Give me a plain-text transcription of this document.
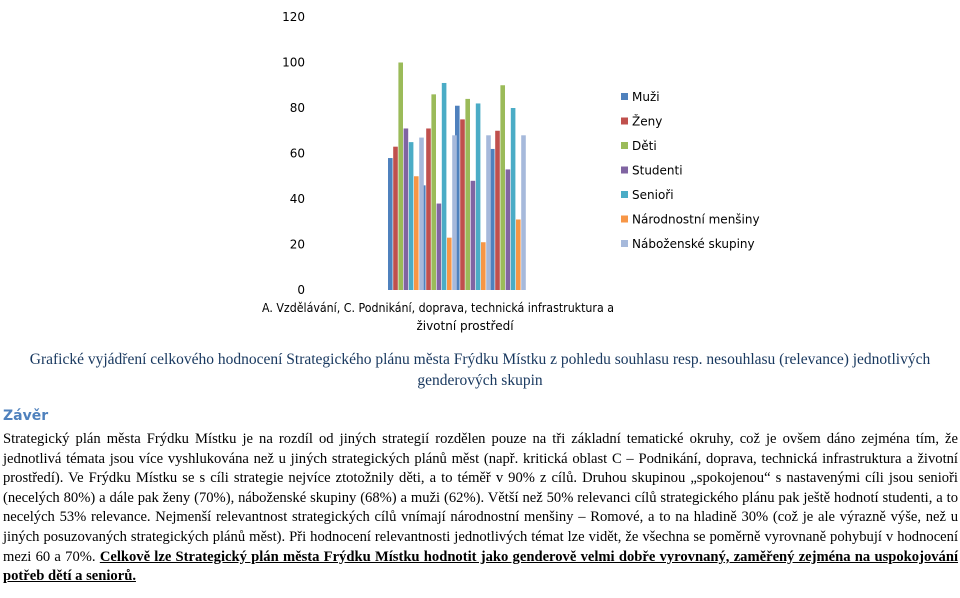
0
20
40
60
80
100
120
A. Vzdělávání, C. Podnikání, doprava, technická infrastruktura a
životní prostředí
Muži
Ženy
Děti
Studenti
Senioři
Národnostní menšiny
Náboženské skupiny
Grafické vyjádření celkového hodnocení Strategického plánu města Frýdku Místku z pohledu souhlasu resp. nesouhlasu (relevance) jednotlivých genderových skupin
Závěr
Strategický plán města Frýdku Místku je na rozdíl od jiných strategií rozdělen pouze na tři základní tematické okruhy, což je ovšem dáno zejména tím, že jednotlivá témata jsou více vyshlukována než u jiných strategických plánů měst (např. kritická oblast C – Podnikání, doprava, technická infrastruktura a životní prostředí). Ve Frýdku Místku se s cíli strategie nejvíce ztotožnily děti, a to téměř v 90% z cílů. Druhou skupinou „spokojenou“ s nastavenými cíli jsou senioři (necelých 80%) a dále pak ženy (70%), náboženské skupiny (68%) a muži (62%). Větší než 50% relevanci cílů strategického plánu pak ještě hodnotí studenti, a to necelých 53% relevance. Nejmenší relevantnost strategických cílů vnímají národnostní menšiny – Romové, a to na hladině 30% (což je ale výrazně výše, než u jiných posuzovaných strategických plánů měst). Při hodnocení relevantnosti jednotlivých témat lze vidět, že všechna se poměrně vyrovnaně pohybují v hodnocení mezi 60 a 70%. Celkově lze Strategický plán města Frýdku Místku hodnotit jako genderově velmi dobře vyrovnaný, zaměřený zejména na uspokojování potřeb dětí a seniorů.
